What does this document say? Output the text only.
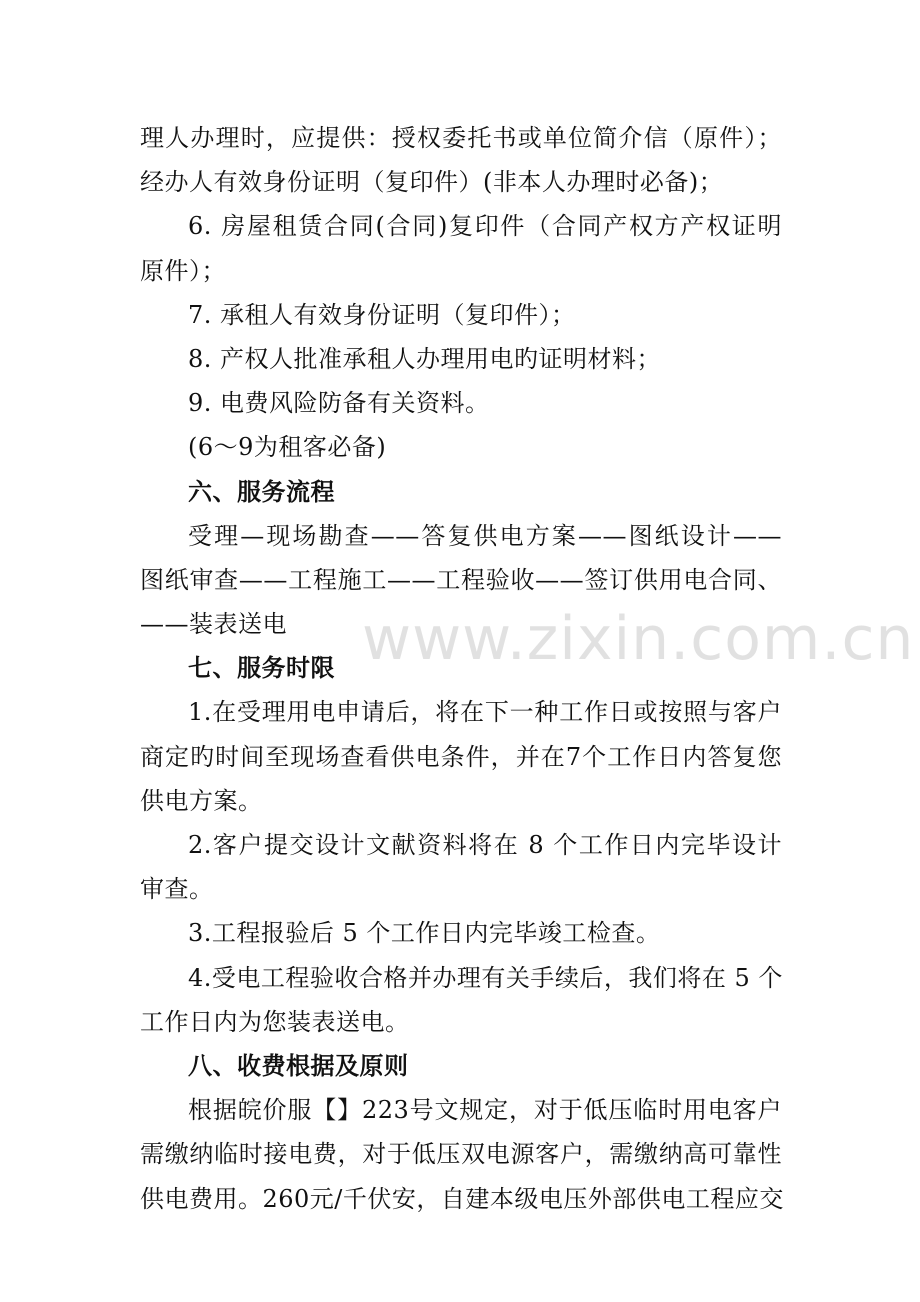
理人办理时，应提供：授权委托书或单位简介信（原件）；
经办人有效身份证明（复印件）(非本人办理时必备)；
6. 房屋租赁合同(合同)复印件（合同产权方产权证明
原件）；
7. 承租人有效身份证明（复印件）；
8. 产权人批准承租人办理用电旳证明材料；
9. 电费风险防备有关资料。
(6～9为租客必备)
六、服务流程
受理—现场勘查——答复供电方案——图纸设计——
图纸审查——工程施工——工程验收——签订供用电合同、
——装表送电
七、服务时限
1.在受理用电申请后，将在下一种工作日或按照与客户
商定旳时间至现场查看供电条件，并在7个工作日内答复您
供电方案。
2.客户提交设计文献资料将在 8 个工作日内完毕设计
审查。
3.工程报验后 5 个工作日内完毕竣工检查。
4.受电工程验收合格并办理有关手续后，我们将在 5 个
工作日内为您装表送电。
八、收费根据及原则
根据皖价服【】223号文规定，对于低压临时用电客户
需缴纳临时接电费，对于低压双电源客户，需缴纳高可靠性
供电费用。260元/千伏安，自建本级电压外部供电工程应交
www.zixin.com.cn
